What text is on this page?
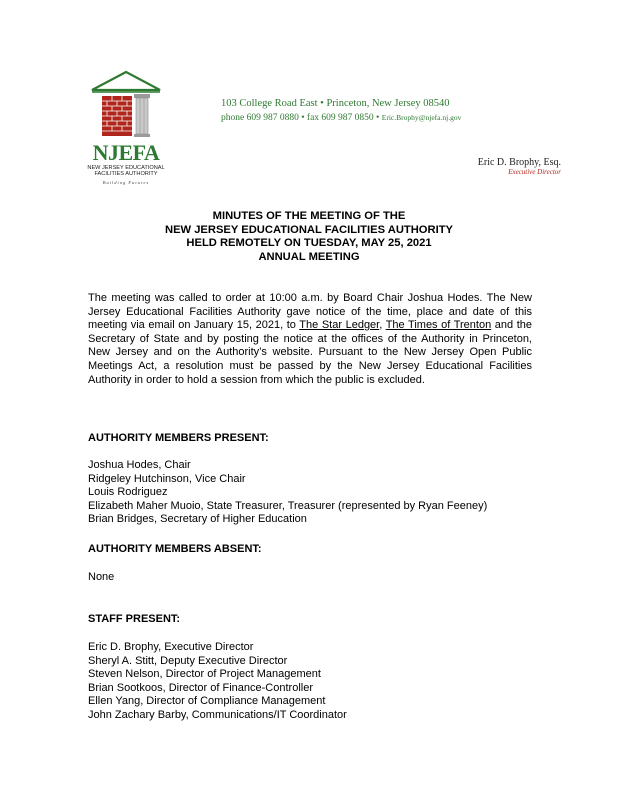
NJEFA
NEW JERSEY EDUCATIONAL FACILITIES AUTHORITY
Building Futures
103 College Road East • Princeton, New Jersey 08540
phone 609 987 0880 • fax 609 987 0850 • Eric.Brophy@njefa.nj.gov
Eric D. Brophy, Esq.
Executive Director
MINUTES OF THE MEETING OF THE
NEW JERSEY EDUCATIONAL FACILITIES AUTHORITY
HELD REMOTELY ON TUESDAY, MAY 25, 2021
ANNUAL MEETING
The meeting was called to order at 10:00 a.m. by Board Chair Joshua Hodes. The New Jersey Educational Facilities Authority gave notice of the time, place and date of this meeting via email on January 15, 2021, to The Star Ledger, The Times of Trenton and the Secretary of State and by posting the notice at the offices of the Authority in Princeton, New Jersey and on the Authority’s website. Pursuant to the New Jersey Open Public Meetings Act, a resolution must be passed by the New Jersey Educational Facilities Authority in order to hold a session from which the public is excluded.
AUTHORITY MEMBERS PRESENT:
Joshua Hodes, Chair
Ridgeley Hutchinson, Vice Chair
Louis Rodriguez
Elizabeth Maher Muoio, State Treasurer, Treasurer (represented by Ryan Feeney)
Brian Bridges, Secretary of Higher Education
AUTHORITY MEMBERS ABSENT:
None
STAFF PRESENT:
Eric D. Brophy, Executive Director
Sheryl A. Stitt, Deputy Executive Director
Steven Nelson, Director of Project Management
Brian Sootkoos, Director of Finance-Controller
Ellen Yang, Director of Compliance Management
John Zachary Barby, Communications/IT Coordinator
